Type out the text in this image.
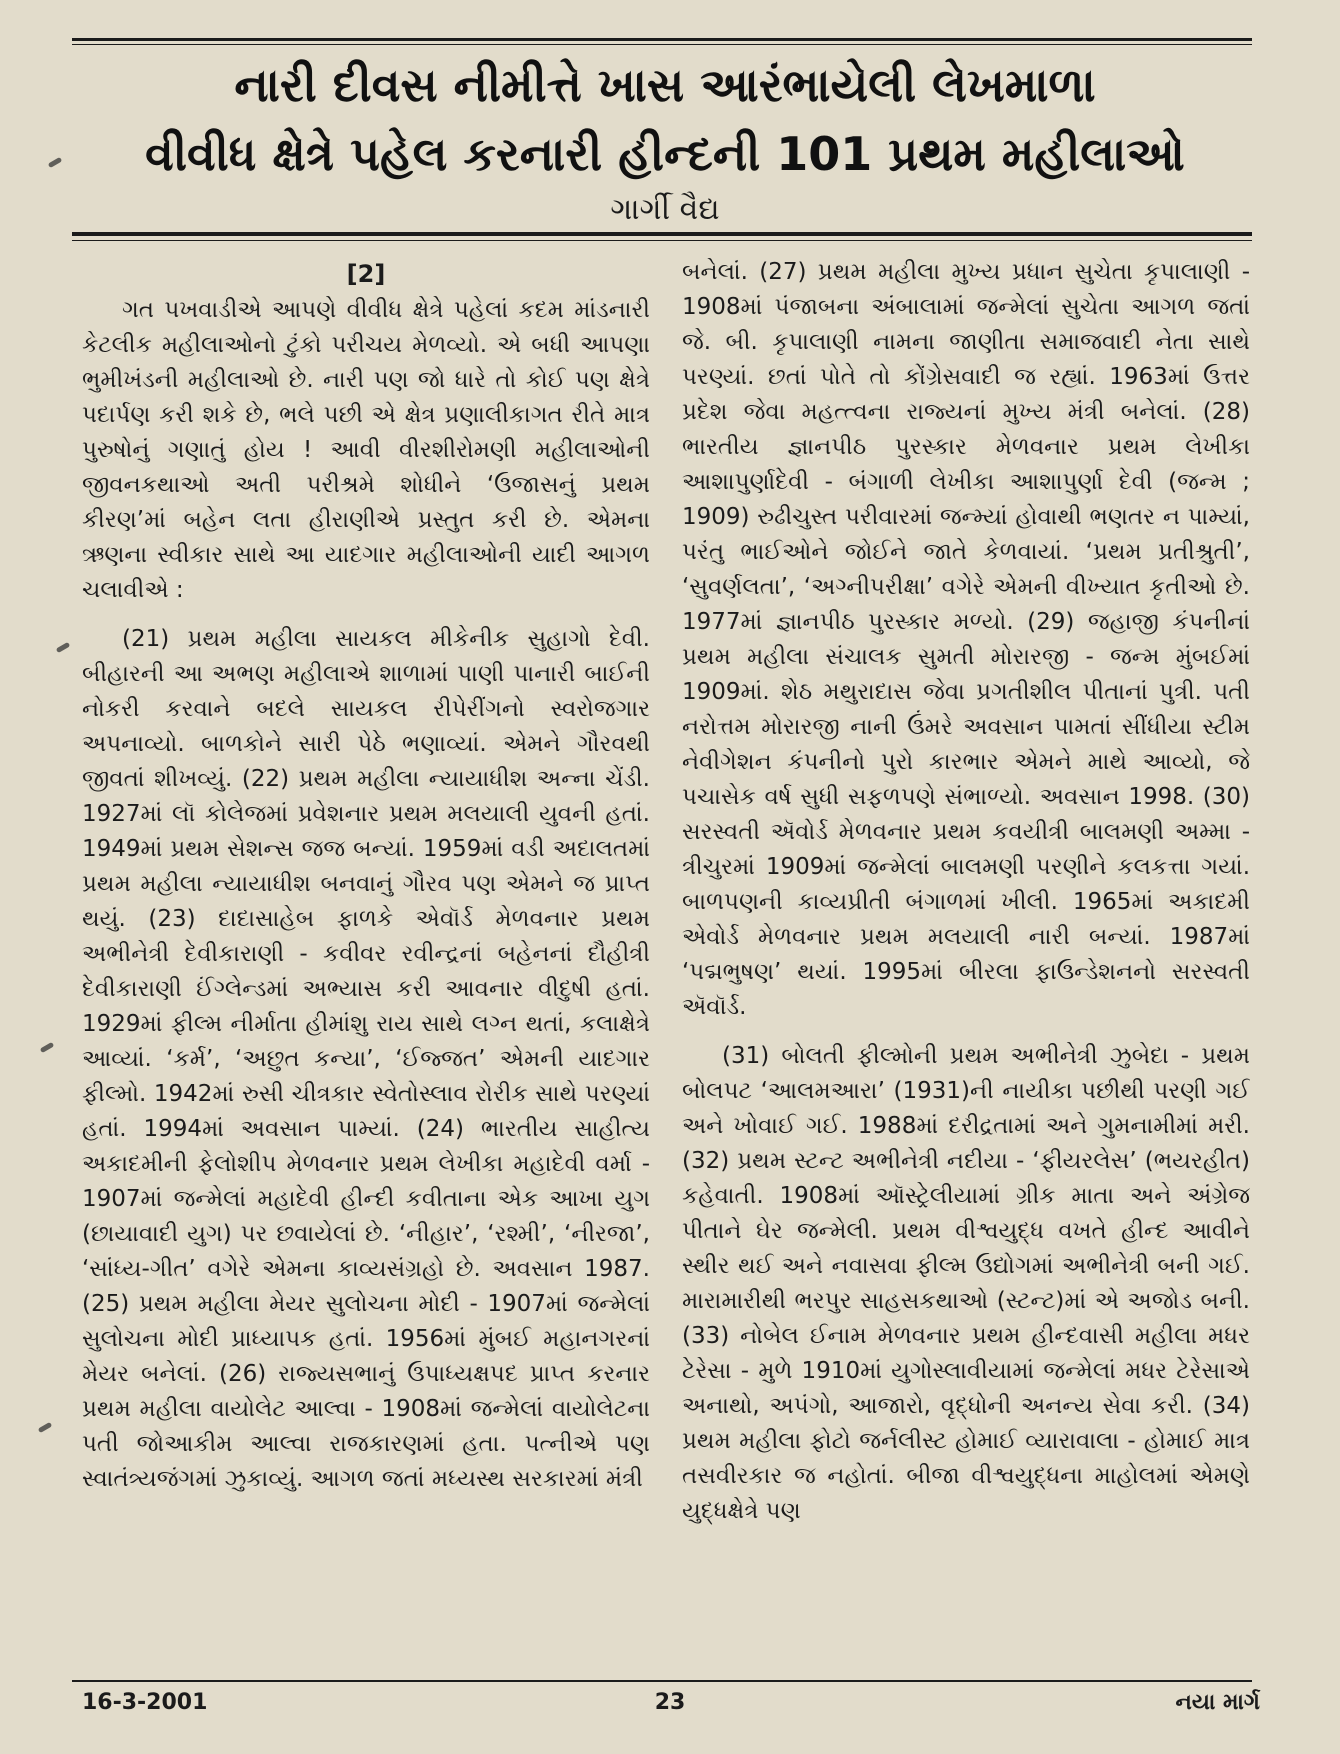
નારી દીવસ નીમીત્તે ખાસ આરંભાયેલી લેખમાળા
વીવીધ ક્ષેત્રે પહેલ કરનારી હીન્દની 101 પ્રથમ મહીલાઓ
ગાર્ગી વૈદ્ય

[2]

ગત પખવાડીએ આપણે વીવીધ ક્ષેત્રે પહેલાં કદમ માંડનારી કેટલીક મહીલાઓનો ટુંકો પરીચય મેળવ્યો. એ બધી આપણા ભુમીખંડની મહીલાઓ છે. નારી પણ જો ધારે તો કોઈ પણ ક્ષેત્રે પદાર્પણ કરી શકે છે, ભલે પછી એ ક્ષેત્ર પ્રણાલીકાગત રીતે માત્ર પુરુષોનું ગણાતું હોય ! આવી વીરશીરોમણી મહીલાઓની જીવનકથાઓ અતી પરીશ્રમે શોધીને ‘ઉજાસનું પ્રથમ કીરણ’માં બહેન લતા હીરાણીએ પ્રસ્તુત કરી છે. એમના ઋણના સ્વીકાર સાથે આ યાદગાર મહીલાઓની યાદી આગળ ચલાવીએ :

(21) પ્રથમ મહીલા સાયકલ મીકેનીક સુહાગો દેવી. બીહારની આ અભણ મહીલાએ શાળામાં પાણી પાનારી બાઈની નોકરી કરવાને બદલે સાયકલ રીપેરીંગનો સ્વરોજગાર અપનાવ્યો. બાળકોને સારી પેઠે ભણાવ્યાં. એમને ગૌરવથી જીવતાં શીખવ્યું. (22) પ્રથમ મહીલા ન્યાયાધીશ અન્ના ચેંડી. 1927માં લૉ કોલેજમાં પ્રવેશનાર પ્રથમ મલયાલી યુવની હતાં. 1949માં પ્રથમ સેશન્સ જજ બન્યાં. 1959માં વડી અદાલતમાં પ્રથમ મહીલા ન્યાયાધીશ બનવાનું ગૌરવ પણ એમને જ પ્રાપ્ત થયું. (23) દાદાસાહેબ ફાળકે એવૉર્ડ મેળવનાર પ્રથમ અભીનેત્રી દેવીકારાણી - કવીવર રવીન્દ્રનાં બહેનનાં દૌહીત્રી દેવીકારાણી ઈંગ્લેન્ડમાં અભ્યાસ કરી આવનાર વીદુષી હતાં. 1929માં ફીલ્મ નીર્માતા હીમાંશુ રાય સાથે લગ્ન થતાં, કલાક્ષેત્રે આવ્યાં. ‘કર્મ’, ‘અછુત કન્યા’, ‘ઈજ્જત’ એમની યાદગાર ફીલ્મો. 1942માં રુસી ચીત્રકાર સ્વેતોસ્લાવ રોરીક સાથે પરણ્યાં હતાં. 1994માં અવસાન પામ્યાં. (24) ભારતીય સાહીત્ય અકાદમીની ફેલોશીપ મેળવનાર પ્રથમ લેખીકા મહાદેવી વર્મા - 1907માં જન્મેલાં મહાદેવી હીન્દી કવીતાના એક આખા યુગ (છાયાવાદી યુગ) પર છવાયેલાં છે. ‘નીહાર’, ‘રશ્મી’, ‘નીરજા’, ‘સાંધ્ય-ગીત’ વગેરે એમના કાવ્યસંગ્રહો છે. અવસાન 1987. (25) પ્રથમ મહીલા મેયર સુલોચના મોદી - 1907માં જન્મેલાં સુલોચના મોદી પ્રાધ્યાપક હતાં. 1956માં મુંબઈ મહાનગરનાં મેયર બનેલાં. (26) રાજ્યસભાનું ઉપાધ્યક્ષપદ પ્રાપ્ત કરનાર પ્રથમ મહીલા વાયોલેટ આલ્વા - 1908માં જન્મેલાં વાયોલેટના પતી જોઆકીમ આલ્વા રાજકારણમાં હતા. પત્નીએ પણ સ્વાતંત્ર્યજંગમાં ઝુકાવ્યું. આગળ જતાં મધ્યસ્થ સરકારમાં મંત્રી

બનેલાં. (27) પ્રથમ મહીલા મુખ્ય પ્રધાન સુચેતા કૃપાલાણી - 1908માં પંજાબના અંબાલામાં જન્મેલાં સુચેતા આગળ જતાં જે. બી. કૃપાલાણી નામના જાણીતા સમાજવાદી નેતા સાથે પરણ્યાં. છતાં પોતે તો કોંગ્રેસવાદી જ રહ્યાં. 1963માં ઉત્તર પ્રદેશ જેવા મહત્ત્વના રાજ્યનાં મુખ્ય મંત્રી બનેલાં. (28) ભારતીય જ્ઞાનપીઠ પુરસ્કાર મેળવનાર પ્રથમ લેખીકા આશાપુર્ણાદેવી - બંગાળી લેખીકા આશાપુર્ણા દેવી (જન્મ ; 1909) રુઢીચુસ્ત પરીવારમાં જન્મ્યાં હોવાથી ભણતર ન પામ્યાં, પરંતુ ભાઈઓને જોઈને જાતે કેળવાયાં. ‘પ્રથમ પ્રતીશ્રુતી’, ‘સુવર્ણલતા’, ‘અગ્નીપરીક્ષા’ વગેરે એમની વીખ્યાત કૃતીઓ છે. 1977માં જ્ઞાનપીઠ પુરસ્કાર મળ્યો. (29) જહાજી કંપનીનાં પ્રથમ મહીલા સંચાલક સુમતી મોરારજી - જન્મ મુંબઈમાં 1909માં. શેઠ મથુરાદાસ જેવા પ્રગતીશીલ પીતાનાં પુત્રી. પતી નરોત્તમ મોરારજી નાની ઉંમરે અવસાન પામતાં સીંધીયા સ્ટીમ નેવીગેશન કંપનીનો પુરો કારભાર એમને માથે આવ્યો, જે પચાસેક વર્ષ સુધી સફળપણે સંભાળ્યો. અવસાન 1998. (30) સરસ્વતી ઍવોર્ડ મેળવનાર પ્રથમ કવયીત્રી બાલમણી અમ્મા - ત્રીચુરમાં 1909માં જન્મેલાં બાલમણી પરણીને કલકત્તા ગયાં. બાળપણની કાવ્યપ્રીતી બંગાળમાં ખીલી. 1965માં અકાદમી એવોર્ડ મેળવનાર પ્રથમ મલયાલી નારી બન્યાં. 1987માં ‘પદ્મભુષણ’ થયાં. 1995માં બીરલા ફાઉન્ડેશનનો સરસ્વતી ઍવૉર્ડ.

(31) બોલતી ફીલ્મોની પ્રથમ અભીનેત્રી ઝુબેદા - પ્રથમ બોલપટ ‘આલમઆરા’ (1931)ની નાયીકા પછીથી પરણી ગઈ અને ખોવાઈ ગઈ. 1988માં દરીદ્રતામાં અને ગુમનામીમાં મરી. (32) પ્રથમ સ્ટન્ટ અભીનેત્રી નદીયા - ‘ફીયરલેસ’ (ભયરહીત) કહેવાતી. 1908માં ઑસ્ટ્રેલીયામાં ગ્રીક માતા અને અંગ્રેજ પીતાને ઘેર જન્મેલી. પ્રથમ વીશ્વયુદ્ધ વખતે હીન્દ આવીને સ્થીર થઈ અને નવાસવા ફીલ્મ ઉદ્યોગમાં અભીનેત્રી બની ગઈ. મારામારીથી ભરપુર સાહસકથાઓ (સ્ટન્ટ)માં એ અજોડ બની. (33) નોબેલ ઈનામ મેળવનાર પ્રથમ હીન્દવાસી મહીલા મધર ટેરેસા - મુળે 1910માં યુગોસ્લાવીયામાં જન્મેલાં મધર ટેરેસાએ અનાથો, અપંગો, આજારો, વૃદ્ધોની અનન્ય સેવા કરી. (34) પ્રથમ મહીલા ફોટો જર્નલીસ્ટ હોમાઈ વ્યારાવાલા - હોમાઈ માત્ર તસવીરકાર જ નહોતાં. બીજા વીશ્વયુદ્ધના માહોલમાં એમણે યુદ્ધક્ષેત્રે પણ

16-3-2001	23	નયા માર્ગ
